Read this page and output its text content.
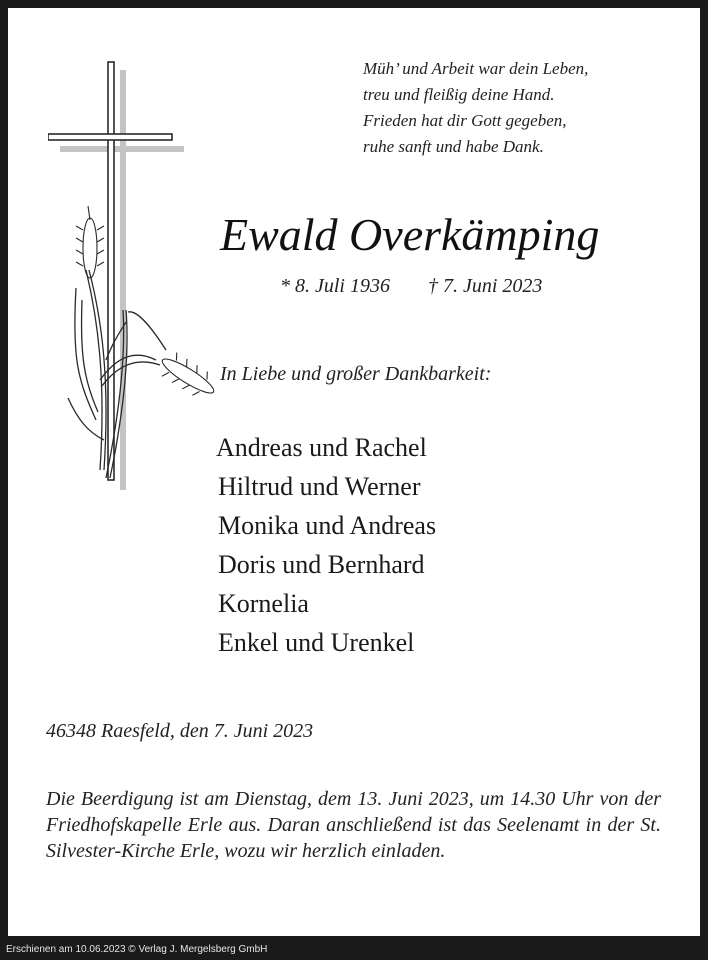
Müh’ und Arbeit war dein Leben,
treu und fleißig deine Hand.
Frieden hat dir Gott gegeben,
ruhe sanft und habe Dank.
Ewald Overkämping
* 8. Juli 1936 † 7. Juni 2023
In Liebe und großer Dankbarkeit:
Andreas und Rachel
Hiltrud und Werner
Monika und Andreas
Doris und Bernhard
Kornelia
Enkel und Urenkel
46348 Raesfeld, den 7. Juni 2023
Die Beerdigung ist am Dienstag, dem 13. Juni 2023, um 14.30 Uhr von der Friedhofskapelle Erle aus. Daran anschließend ist das Seelenamt in der St. Silvester-Kirche Erle, wozu wir herzlich einladen.
Erschienen am 10.06.2023 © Verlag J. Mergelsberg GmbH
